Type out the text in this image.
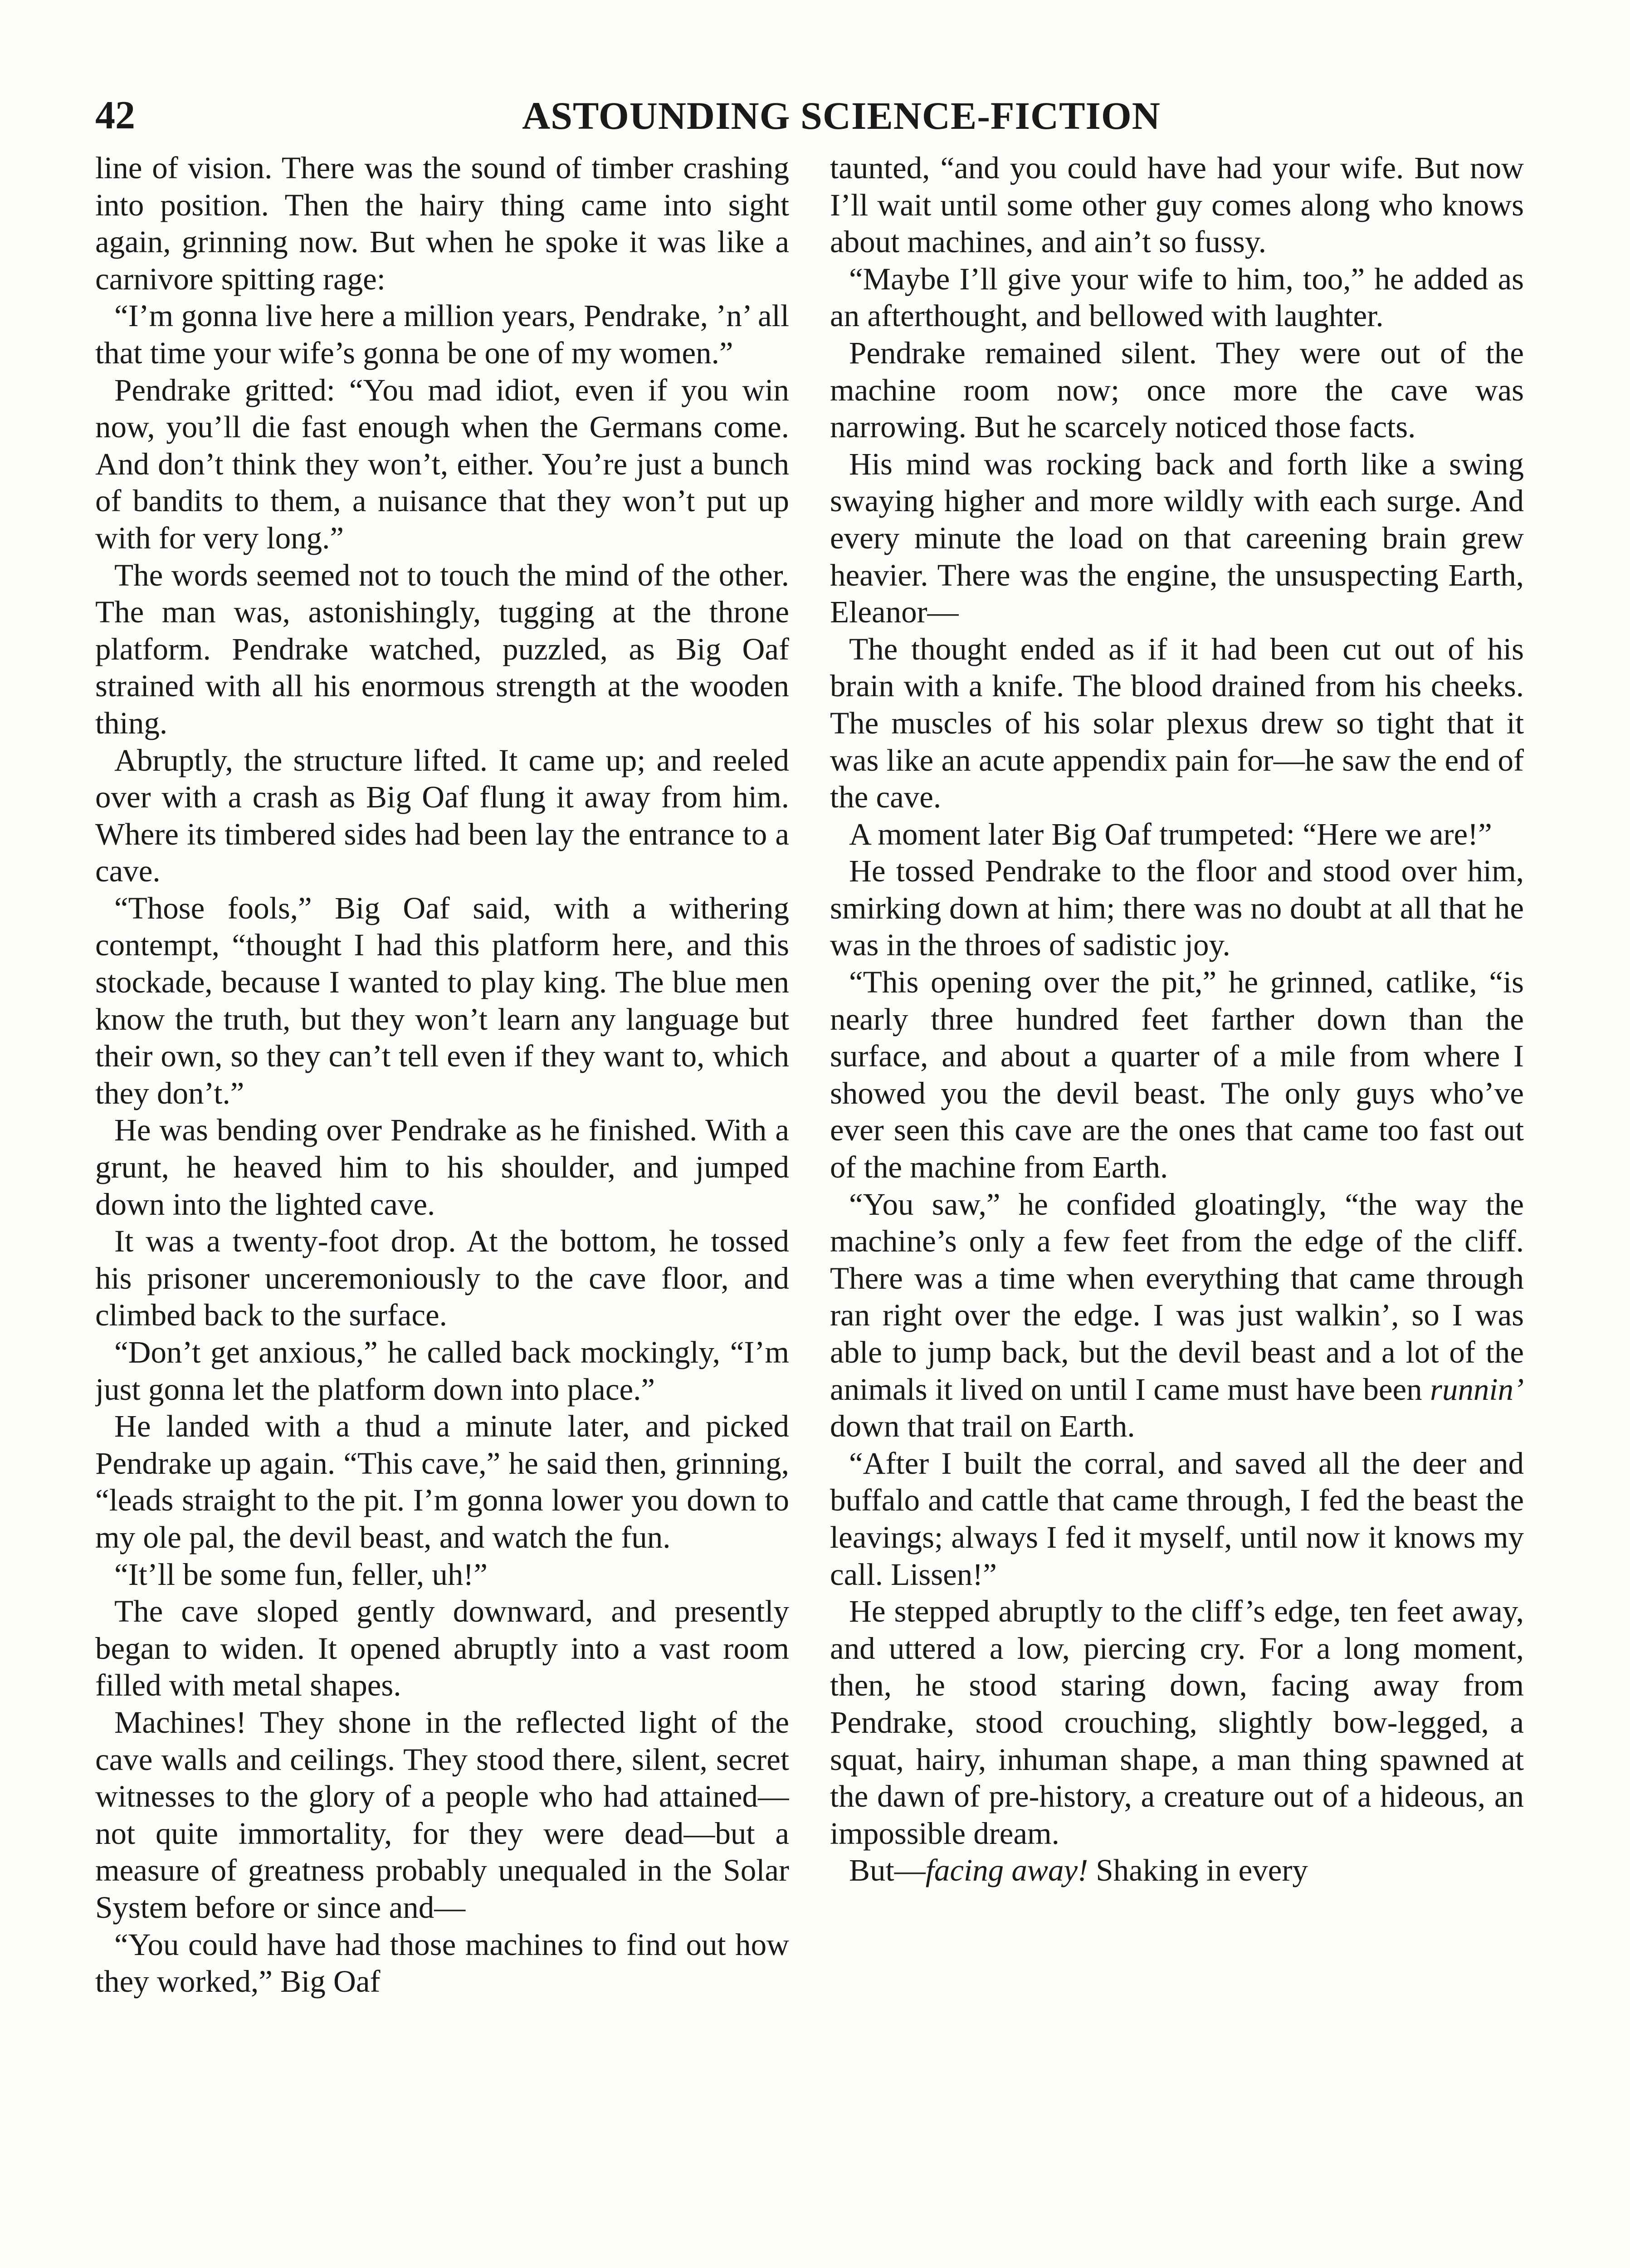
42	ASTOUNDING SCIENCE-FICTION

line of vision. There was the sound of timber crashing into position. Then the hairy thing came into sight again, grinning now. But when he spoke it was like a carnivore spitting rage:

“I’m gonna live here a million years, Pendrake, ’n’ all that time your wife’s gonna be one of my women.”

Pendrake gritted: “You mad idiot, even if you win now, you’ll die fast enough when the Germans come. And don’t think they won’t, either. You’re just a bunch of bandits to them, a nuisance that they won’t put up with for very long.”

The words seemed not to touch the mind of the other. The man was, astonishingly, tugging at the throne platform. Pendrake watched, puzzled, as Big Oaf strained with all his enormous strength at the wooden thing.

Abruptly, the structure lifted. It came up; and reeled over with a crash as Big Oaf flung it away from him. Where its timbered sides had been lay the entrance to a cave.

“Those fools,” Big Oaf said, with a withering contempt, “thought I had this platform here, and this stockade, because I wanted to play king. The blue men know the truth, but they won’t learn any language but their own, so they can’t tell even if they want to, which they don’t.”

He was bending over Pendrake as he finished. With a grunt, he heaved him to his shoulder, and jumped down into the lighted cave.

It was a twenty-foot drop. At the bottom, he tossed his prisoner unceremoniously to the cave floor, and climbed back to the surface.

“Don’t get anxious,” he called back mockingly, “I’m just gonna let the platform down into place.”

He landed with a thud a minute later, and picked Pendrake up again. “This cave,” he said then, grinning, “leads straight to the pit. I’m gonna lower you down to my ole pal, the devil beast, and watch the fun.

“It’ll be some fun, feller, uh!”

The cave sloped gently downward, and presently began to widen. It opened abruptly into a vast room filled with metal shapes.

Machines! They shone in the reflected light of the cave walls and ceilings. They stood there, silent, secret witnesses to the glory of a people who had attained—not quite immortality, for they were dead—but a measure of greatness probably unequaled in the Solar System before or since and—

“You could have had those machines to find out how they worked,” Big Oaf

taunted, “and you could have had your wife. But now I’ll wait until some other guy comes along who knows about machines, and ain’t so fussy.

“Maybe I’ll give your wife to him, too,” he added as an afterthought, and bellowed with laughter.

Pendrake remained silent. They were out of the machine room now; once more the cave was narrowing. But he scarcely noticed those facts.

His mind was rocking back and forth like a swing swaying higher and more wildly with each surge. And every minute the load on that careening brain grew heavier. There was the engine, the unsuspecting Earth, Eleanor—

The thought ended as if it had been cut out of his brain with a knife. The blood drained from his cheeks. The muscles of his solar plexus drew so tight that it was like an acute appendix pain for—he saw the end of the cave.

A moment later Big Oaf trumpeted: “Here we are!”

He tossed Pendrake to the floor and stood over him, smirking down at him; there was no doubt at all that he was in the throes of sadistic joy.

“This opening over the pit,” he grinned, catlike, “is nearly three hundred feet farther down than the surface, and about a quarter of a mile from where I showed you the devil beast. The only guys who’ve ever seen this cave are the ones that came too fast out of the machine from Earth.

“You saw,” he confided gloatingly, “the way the machine’s only a few feet from the edge of the cliff. There was a time when everything that came through ran right over the edge. I was just walkin’, so I was able to jump back, but the devil beast and a lot of the animals it lived on until I came must have been runnin’ down that trail on Earth.

“After I built the corral, and saved all the deer and buffalo and cattle that came through, I fed the beast the leavings; always I fed it myself, until now it knows my call. Lissen!”

He stepped abruptly to the cliff’s edge, ten feet away, and uttered a low, piercing cry. For a long moment, then, he stood staring down, facing away from Pendrake, stood crouching, slightly bow-legged, a squat, hairy, inhuman shape, a man thing spawned at the dawn of pre-history, a creature out of a hideous, an impossible dream.

But—facing away! Shaking in every
